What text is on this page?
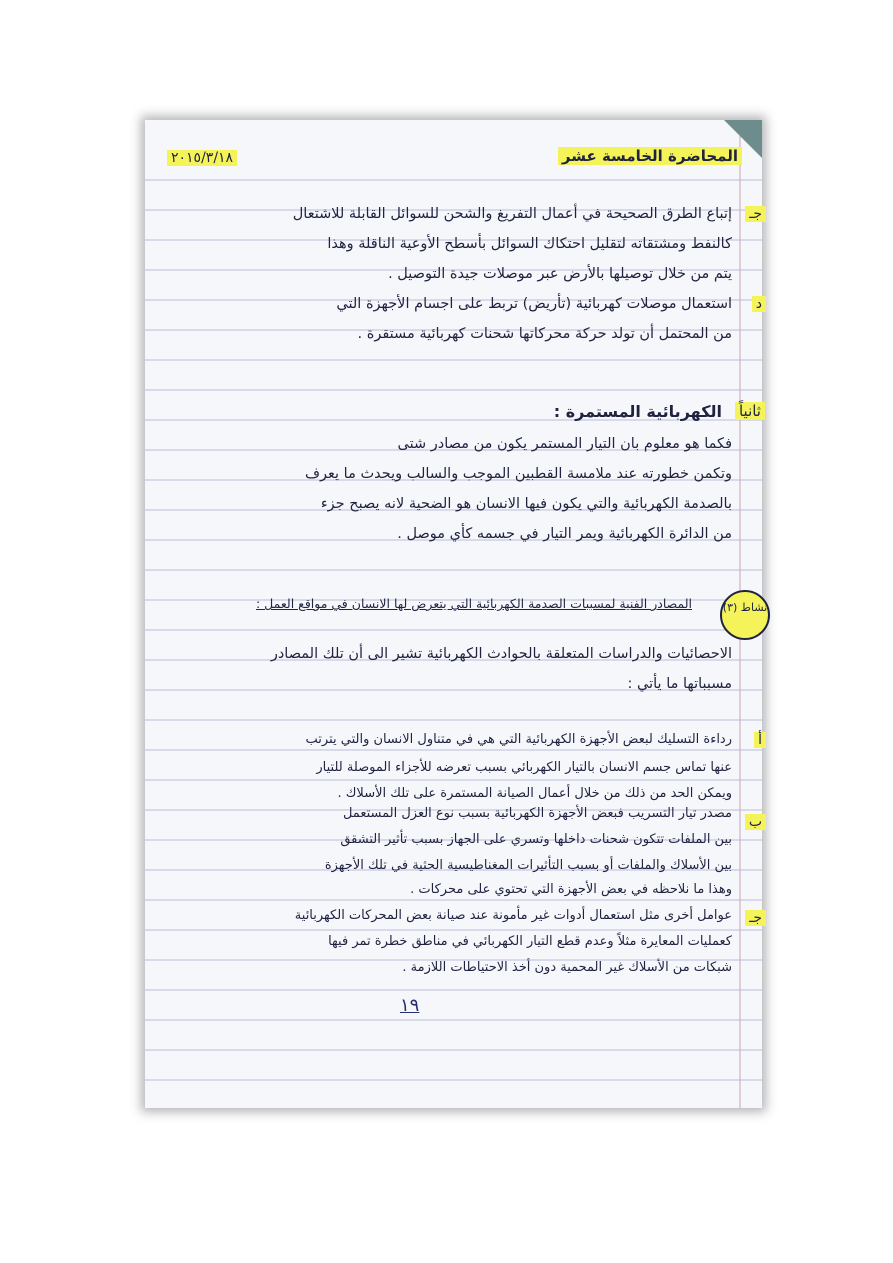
المحاضرة الخامسة عشر
٢٠١٥/٣/١٨
جـ
إتباع الطرق الصحيحة في أعمال التفريغ والشحن للسوائل القابلة للاشتعال
كالنفط ومشتقاته لتقليل احتكاك السوائل بأسطح الأوعية الناقلة وهذا
يتم من خلال توصيلها بالأرض عبر موصلات جيدة التوصيل .
د
استعمال موصلات كهربائية (تأريض) تربط على اجسام الأجهزة التي
من المحتمل أن تولد حركة محركاتها شحنات كهربائية مستقرة .
ثانياً
الكهربائية المستمرة :
فكما هو معلوم بان التيار المستمر يكون من مصادر شتى
وتكمن خطورته عند ملامسة القطبين الموجب والسالب ويحدث ما يعرف
بالصدمة الكهربائية والتي يكون فيها الانسان هو الضحية لانه يصبح جزء
من الدائرة الكهربائية ويمر التيار في جسمه كأي موصل .
نشاط (٣)
المصادر الفنية لمسببات الصدمة الكهربائية التي يتعرض لها الانسان في مواقع العمل :
الاحصائيات والدراسات المتعلقة بالحوادث الكهربائية تشير الى أن تلك المصادر
مسبباتها ما يأتي :
أ
رداءة التسليك لبعض الأجهزة الكهربائية التي هي في متناول الانسان والتي يترتب
عنها تماس جسم الانسان بالتيار الكهربائي بسبب تعرضه للأجزاء الموصلة للتيار
ويمكن الحد من ذلك من خلال أعمال الصيانة المستمرة على تلك الأسلاك .
ب
مصدر تيار التسريب فبعض الأجهزة الكهربائية بسبب نوع العزل المستعمل
بين الملفات تتكون شحنات داخلها وتسري على الجهاز بسبب تأثير التشقق
بين الأسلاك والملفات أو بسبب التأثيرات المغناطيسية الحثية في تلك الأجهزة
وهذا ما نلاحظه في بعض الأجهزة التي تحتوي على محركات .
جـ
عوامل أخرى مثل استعمال أدوات غير مأمونة عند صيانة بعض المحركات الكهربائية
كعمليات المعايرة مثلاً وعدم قطع التيار الكهربائي في مناطق خطرة تمر فيها
شبكات من الأسلاك غير المحمية دون أخذ الاحتياطات اللازمة .
١٩
